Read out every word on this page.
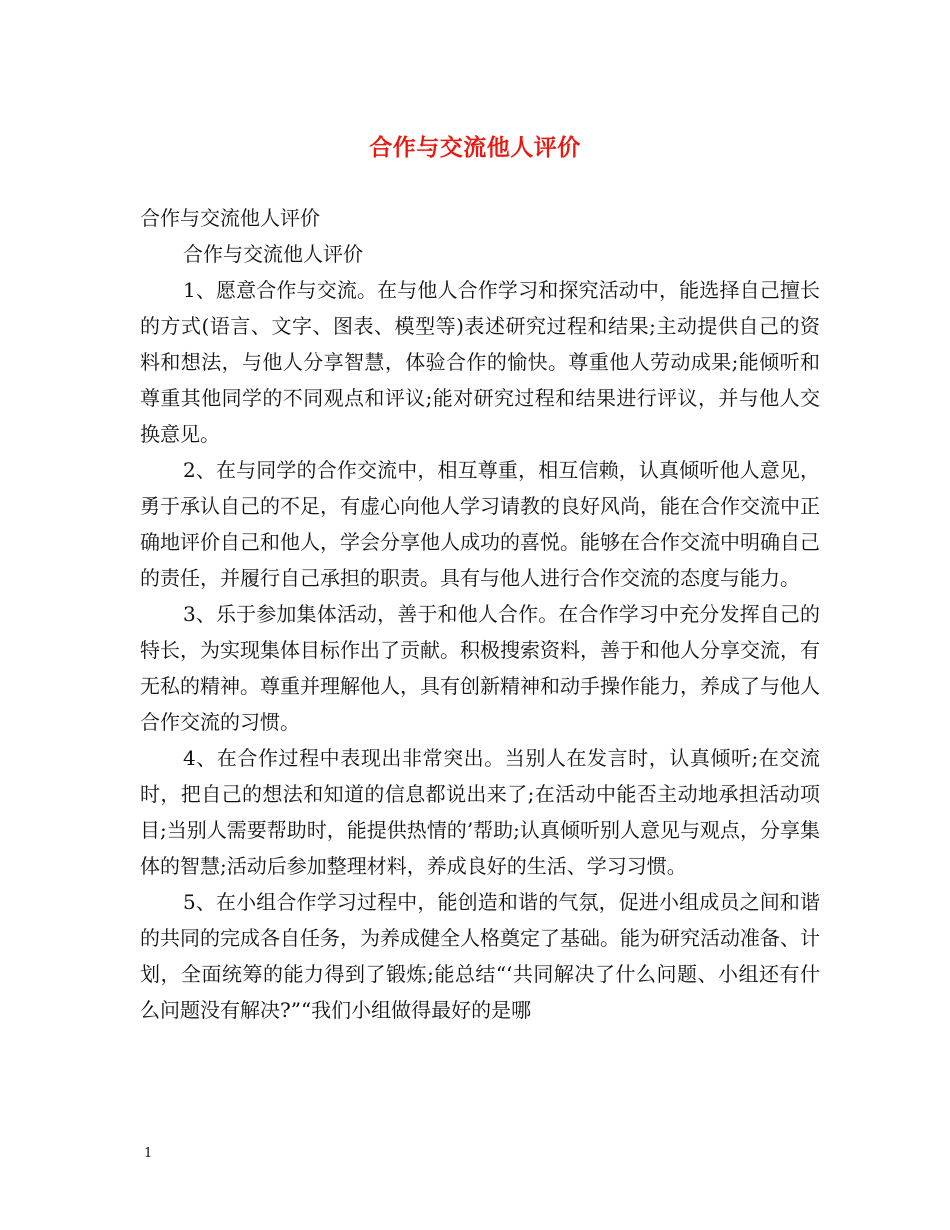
合作与交流他人评价

合作与交流他人评价

合作与交流他人评价

1、愿意合作与交流。在与他人合作学习和探究活动中，能选择自己擅长的方式(语言、文字、图表、模型等)表述研究过程和结果;主动提供自己的资料和想法，与他人分享智慧，体验合作的愉快。尊重他人劳动成果;能倾听和尊重其他同学的不同观点和评议;能对研究过程和结果进行评议，并与他人交换意见。

2、在与同学的合作交流中，相互尊重，相互信赖，认真倾听他人意见，勇于承认自己的不足，有虚心向他人学习请教的良好风尚，能在合作交流中正确地评价自己和他人，学会分享他人成功的喜悦。能够在合作交流中明确自己的责任，并履行自己承担的职责。具有与他人进行合作交流的态度与能力。

3、乐于参加集体活动，善于和他人合作。在合作学习中充分发挥自己的特长，为实现集体目标作出了贡献。积极搜索资料，善于和他人分享交流，有无私的精神。尊重并理解他人，具有创新精神和动手操作能力，养成了与他人合作交流的习惯。

4、在合作过程中表现出非常突出。当别人在发言时，认真倾听;在交流时，把自己的想法和知道的信息都说出来了;在活动中能否主动地承担活动项目;当别人需要帮助时，能提供热情的’帮助;认真倾听别人意见与观点，分享集体的智慧;活动后参加整理材料，养成良好的生活、学习习惯。

5、在小组合作学习过程中，能创造和谐的气氛，促进小组成员之间和谐的共同的完成各自任务，为养成健全人格奠定了基础。能为研究活动准备、计划，全面统筹的能力得到了锻炼;能总结“‘共同解决了什么问题、小组还有什么问题没有解决?”“我们小组做得最好的是哪

1
